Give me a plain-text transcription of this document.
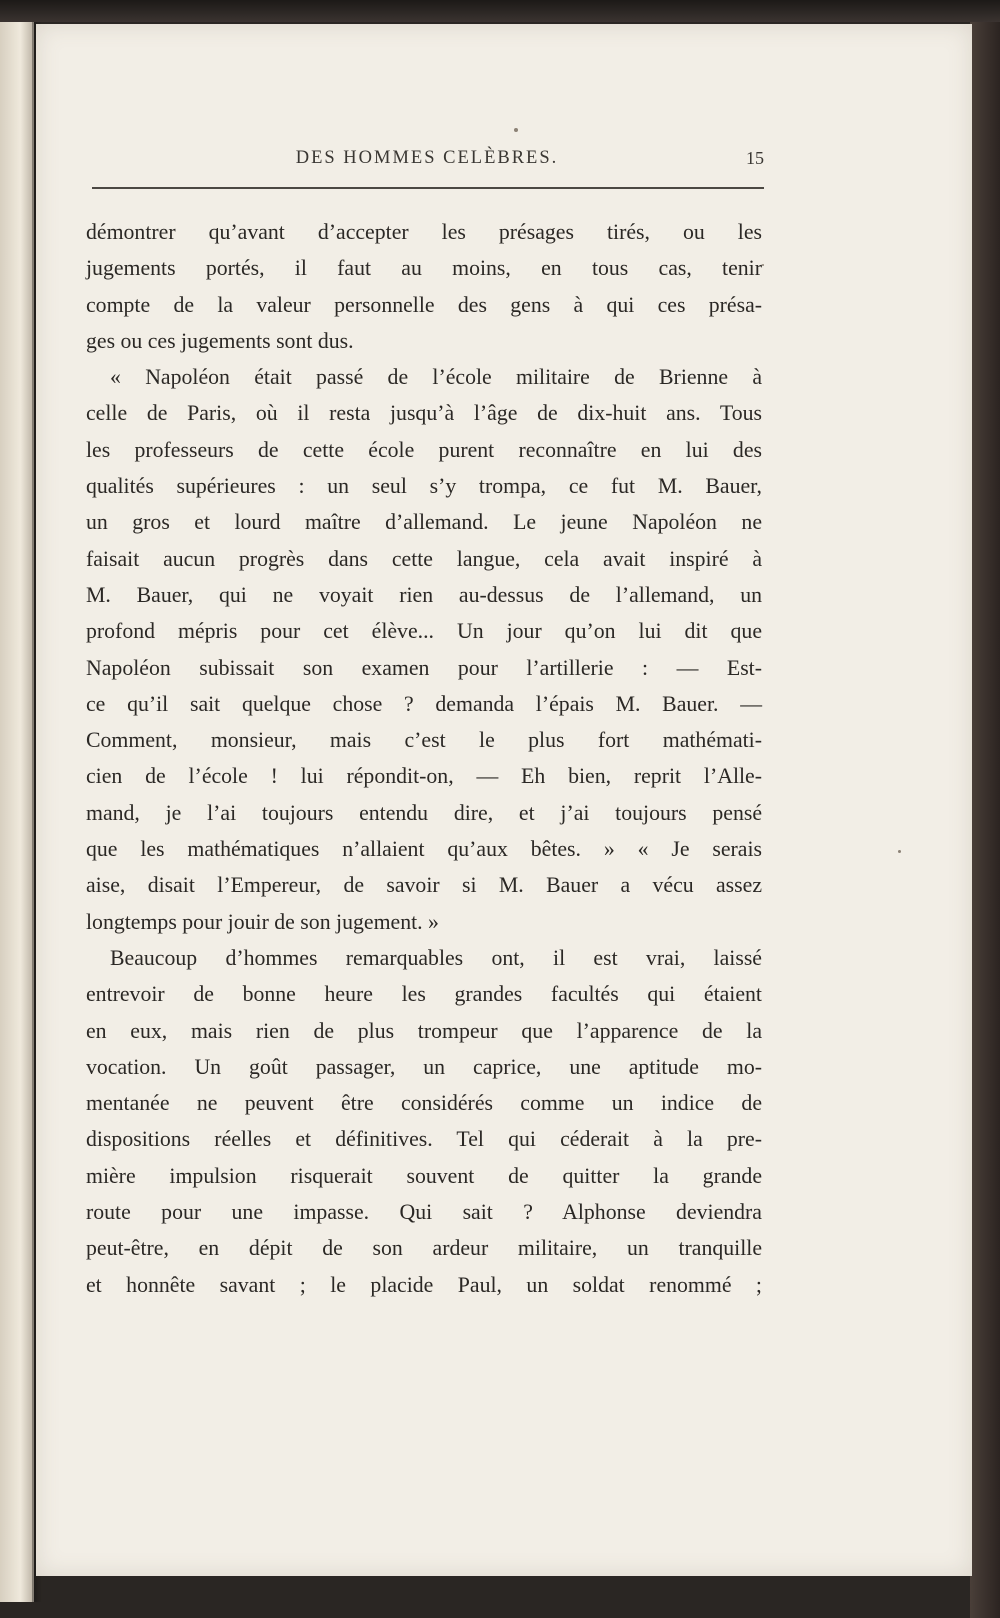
DES HOMMES CELÈBRES.	15
démontrer qu’avant d’accepter les présages tirés, ou les
jugements portés, il faut au moins, en tous cas, tenir
compte de la valeur personnelle des gens à qui ces présa-
ges ou ces jugements sont dus.
« Napoléon était passé de l’école militaire de Brienne à
celle de Paris, où il resta jusqu’à l’âge de dix-huit ans. Tous
les professeurs de cette école purent reconnaître en lui des
qualités supérieures : un seul s’y trompa, ce fut M. Bauer,
un gros et lourd maître d’allemand. Le jeune Napoléon ne
faisait aucun progrès dans cette langue, cela avait inspiré à
M. Bauer, qui ne voyait rien au-dessus de l’allemand, un
profond mépris pour cet élève... Un jour qu’on lui dit que
Napoléon subissait son examen pour l’artillerie : — Est-
ce qu’il sait quelque chose ? demanda l’épais M. Bauer. —
Comment, monsieur, mais c’est le plus fort mathémati-
cien de l’école ! lui répondit-on, — Eh bien, reprit l’Alle-
mand, je l’ai toujours entendu dire, et j’ai toujours pensé
que les mathématiques n’allaient qu’aux bêtes. » « Je serais
aise, disait l’Empereur, de savoir si M. Bauer a vécu assez
longtemps pour jouir de son jugement. »
Beaucoup d’hommes remarquables ont, il est vrai, laissé
entrevoir de bonne heure les grandes facultés qui étaient
en eux, mais rien de plus trompeur que l’apparence de la
vocation. Un goût passager, un caprice, une aptitude mo-
mentanée ne peuvent être considérés comme un indice de
dispositions réelles et définitives. Tel qui céderait à la pre-
mière impulsion risquerait souvent de quitter la grande
route pour une impasse. Qui sait ? Alphonse deviendra
peut-être, en dépit de son ardeur militaire, un tranquille
et honnête savant ; le placide Paul, un soldat renommé ;
